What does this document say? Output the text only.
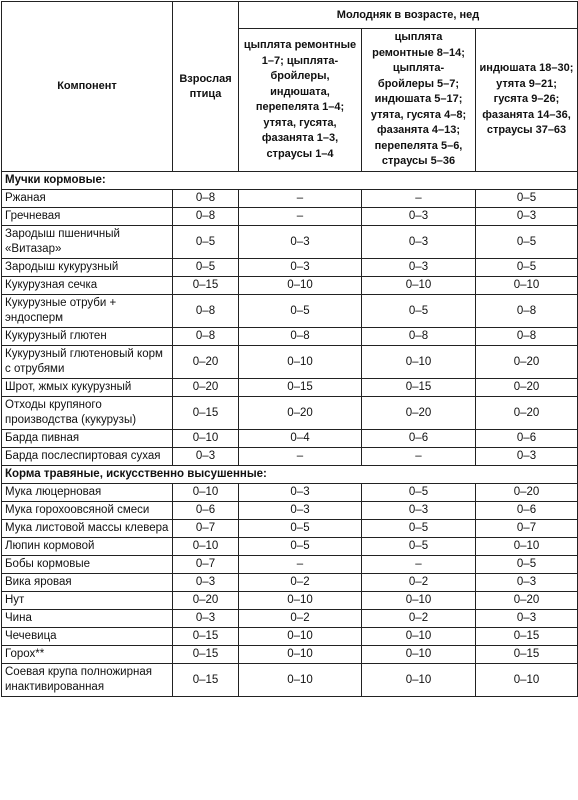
Компонент	Взрослая птица	Молодняк в возрасте, нед		
		цыплята ремонтные 1–7; цыплята-бройлеры, индюшата, перепелята 1–4; утята, гусята, фазанята 1–3, страусы 1–4	цыплята ремонтные 8–14; цыплята-бройлеры 5–7; индюшата 5–17; утята, гусята 4–8; фазанята 4–13; перепелята 5–6, страусы 5–36	индюшата 18–30; утята 9–21; гусята 9–26; фазанята 14–36, страусы 37–63
Мучки кормовые:				
Ржаная	0–8	–	–	0–5
Гречневая	0–8	–	0–3	0–3
Зародыш пшеничный «Витазар»	0–5	0–3	0–3	0–5
Зародыш кукурузный	0–5	0–3	0–3	0–5
Кукурузная сечка	0–15	0–10	0–10	0–10
Кукурузные отруби + эндосперм	0–8	0–5	0–5	0–8
Кукурузный глютен	0–8	0–8	0–8	0–8
Кукурузный глютеновый корм с отрубями	0–20	0–10	0–10	0–20
Шрот, жмых кукурузный	0–20	0–15	0–15	0–20
Отходы крупяного производства (кукурузы)	0–15	0–20	0–20	0–20
Барда пивная	0–10	0–4	0–6	0–6
Барда послеспиртовая сухая	0–3	–	–	0–3
Корма травяные, искусственно высушенные:				
Мука люцерновая	0–10	0–3	0–5	0–20
Мука горохоовсяной смеси	0–6	0–3	0–3	0–6
Мука листовой массы клевера	0–7	0–5	0–5	0–7
Люпин кормовой	0–10	0–5	0–5	0–10
Бобы кормовые	0–7	–	–	0–5
Вика яровая	0–3	0–2	0–2	0–3
Нут	0–20	0–10	0–10	0–20
Чина	0–3	0–2	0–2	0–3
Чечевица	0–15	0–10	0–10	0–15
Горох**	0–15	0–10	0–10	0–15
Соевая крупа полножирная инактивированная	0–15	0–10	0–10	0–10
